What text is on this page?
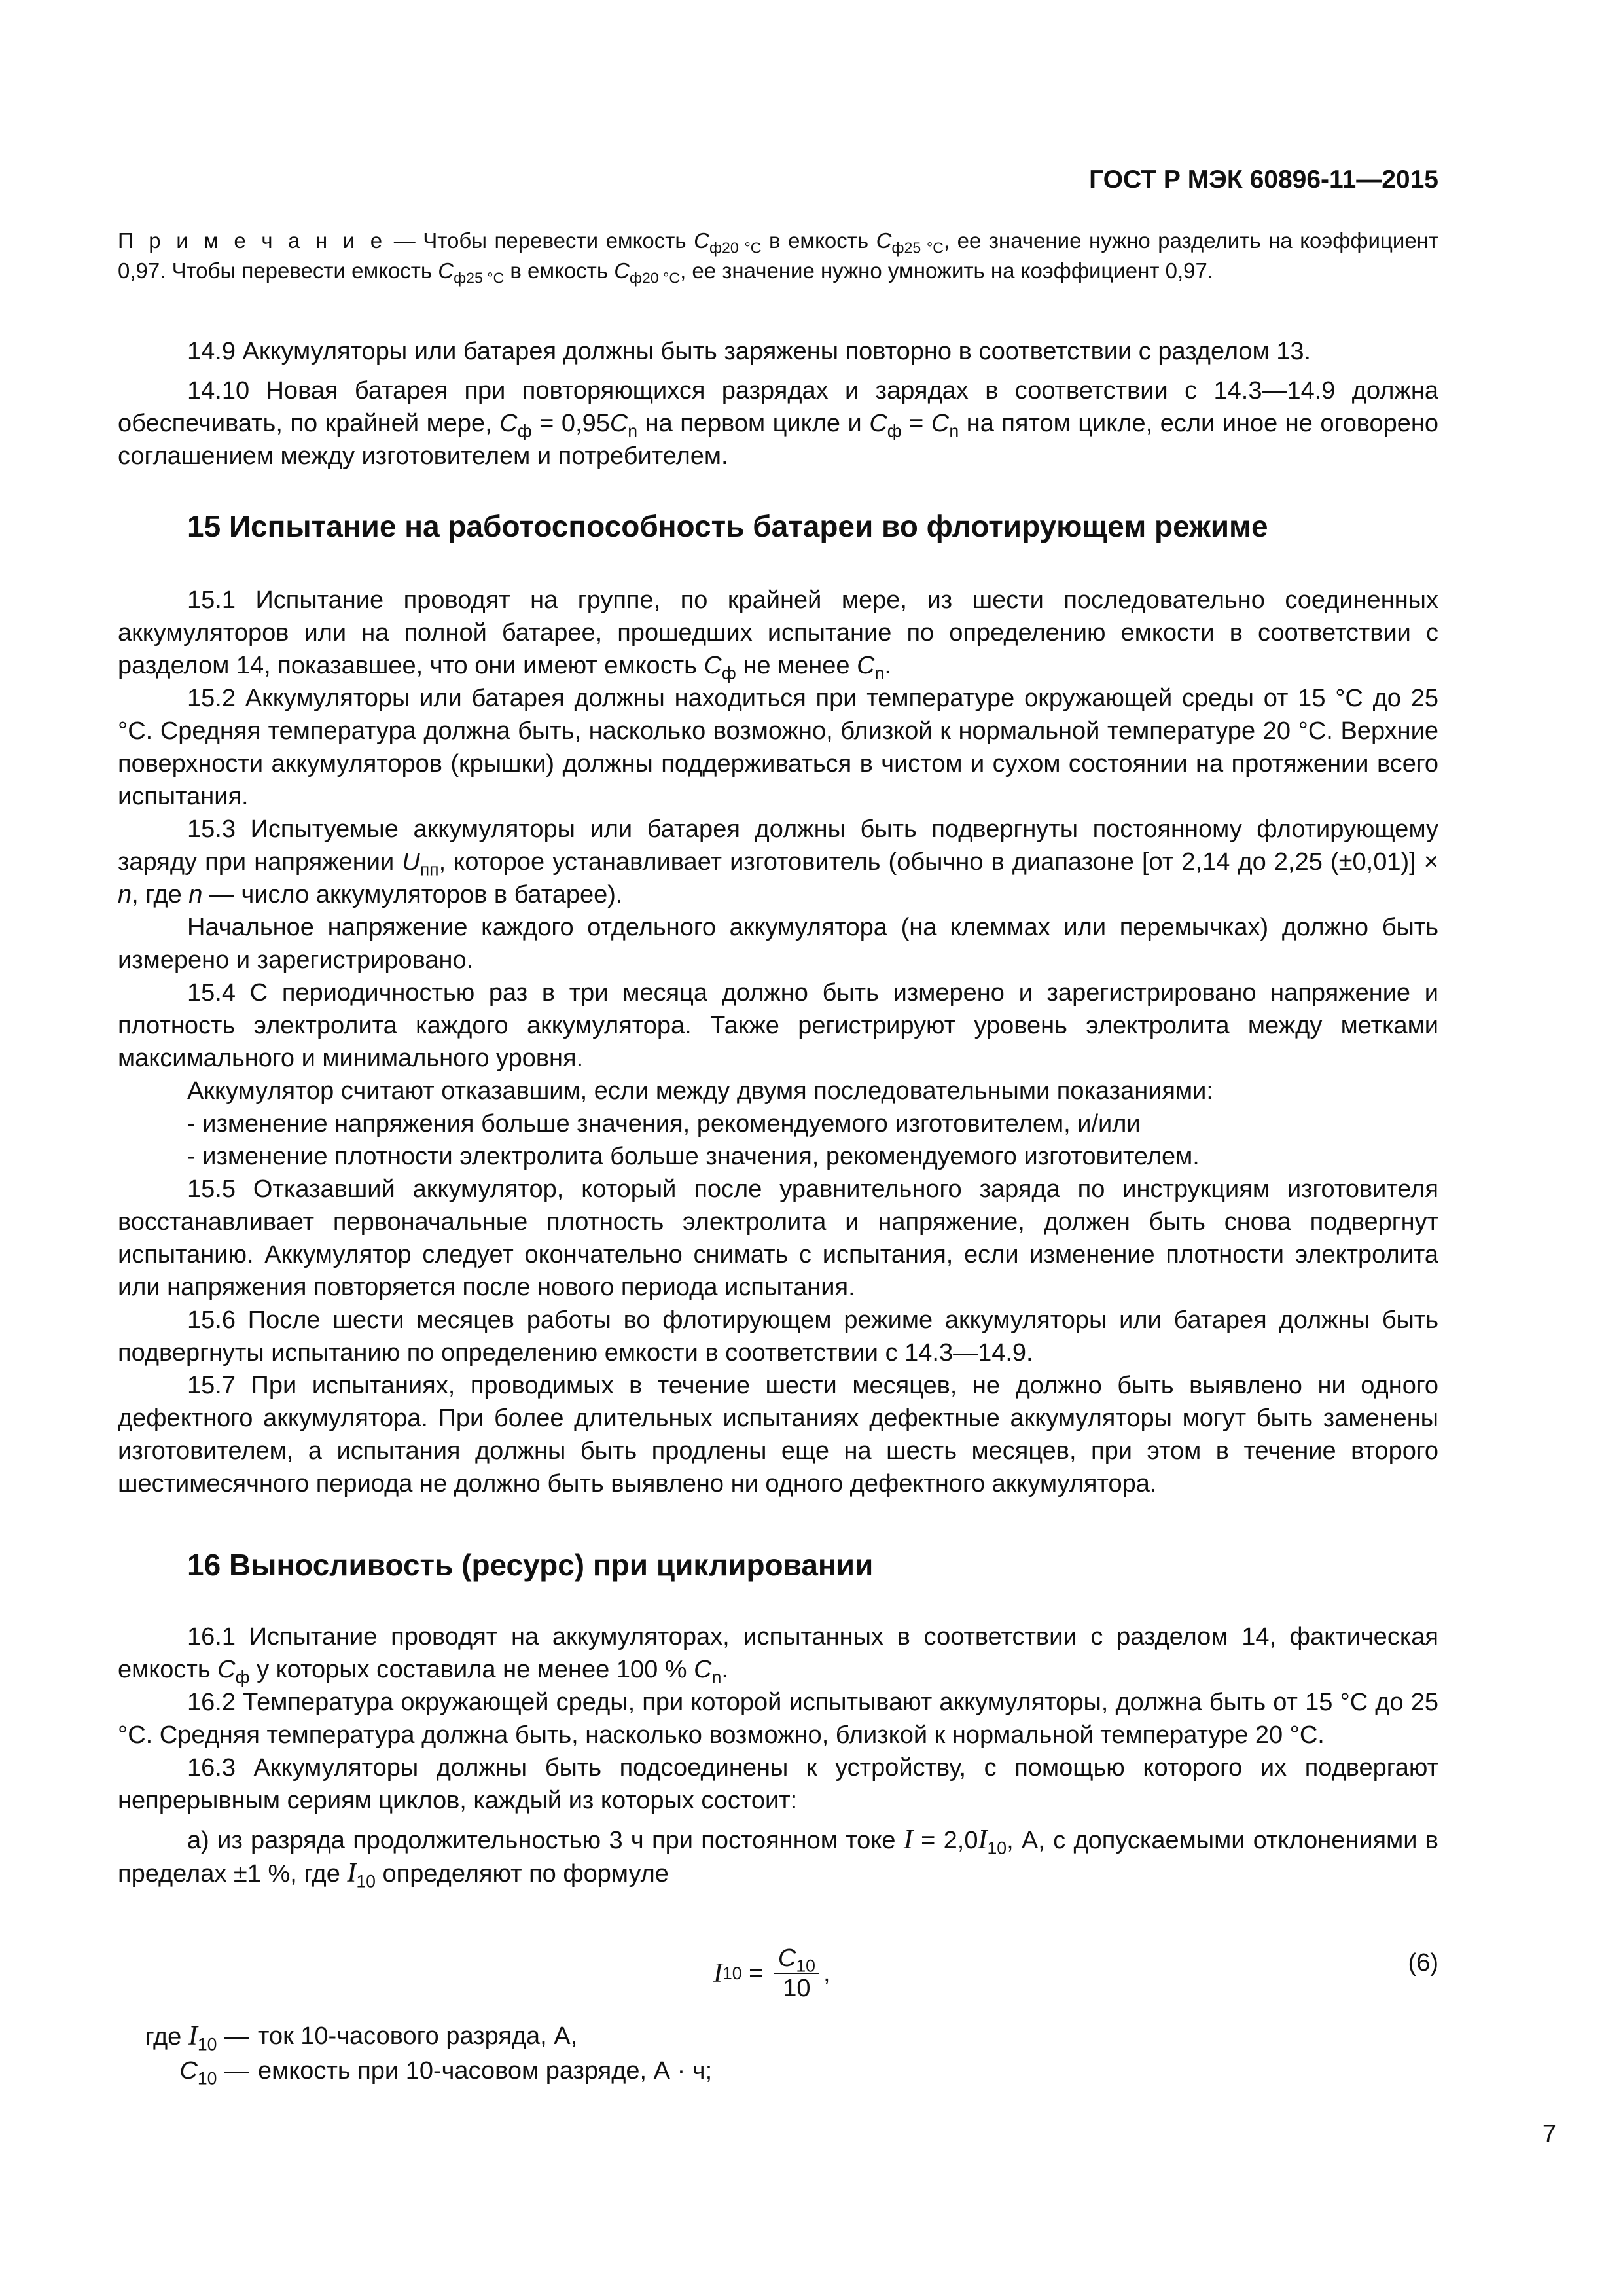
ГОСТ Р МЭК 60896-11—2015
П р и м е ч а н и е — Чтобы перевести емкость $C_{ф20 ^\circ C}$ в емкость $C_{ф25 ^\circ C}$, ее значение нужно разделить на коэффициент 0,97. Чтобы перевести емкость $C_{ф25 ^\circ C}$ в емкость $C_{ф20 ^\circ C}$, ее значение нужно умножить на коэффициент 0,97.

14.9 Аккумуляторы или батарея должны быть заряжены повторно в соответствии с разделом 13.

14.10 Новая батарея при повторяющихся разрядах и зарядах в соответствии с 14.3—14.9 должна обеспечивать, по крайней мере, $C_ф = 0,95C_n$ на первом цикле и $C_ф = C_n$ на пятом цикле, если иное не оговорено соглашением между изготовителем и потребителем.

15 Испытание на работоспособность батареи во флотирующем режиме

15.1 Испытание проводят на группе, по крайней мере, из шести последовательно соединенных аккумуляторов или на полной батарее, прошедших испытание по определению емкости в соответствии с разделом 14, показавшее, что они имеют емкость $C_ф$ не менее $C_n$.

15.2 Аккумуляторы или батарея должны находиться при температуре окружающей среды от 15 °С до 25 °С. Средняя температура должна быть, насколько возможно, близкой к нормальной температуре 20 °С. Верхние поверхности аккумуляторов (крышки) должны поддерживаться в чистом и сухом состоянии на протяжении всего испытания.

15.3 Испытуемые аккумуляторы или батарея должны быть подвергнуты постоянному флотирующему заряду при напряжении $U_{пп}$, которое устанавливает изготовитель (обычно в диапазоне [от 2,14 до 2,25 (±0,01)] × n, где n — число аккумуляторов в батарее).

Начальное напряжение каждого отдельного аккумулятора (на клеммах или перемычках) должно быть измерено и зарегистрировано.

15.4 С периодичностью раз в три месяца должно быть измерено и зарегистрировано напряжение и плотность электролита каждого аккумулятора. Также регистрируют уровень электролита между метками максимального и минимального уровня.

Аккумулятор считают отказавшим, если между двумя последовательными показаниями:

- изменение напряжения больше значения, рекомендуемого изготовителем, и/или

- изменение плотности электролита больше значения, рекомендуемого изготовителем.

15.5 Отказавший аккумулятор, который после уравнительного заряда по инструкциям изготовителя восстанавливает первоначальные плотность электролита и напряжение, должен быть снова подвергнут испытанию. Аккумулятор следует окончательно снимать с испытания, если изменение плотности электролита или напряжения повторяется после нового периода испытания.

15.6 После шести месяцев работы во флотирующем режиме аккумуляторы или батарея должны быть подвергнуты испытанию по определению емкости в соответствии с 14.3—14.9.

15.7 При испытаниях, проводимых в течение шести месяцев, не должно быть выявлено ни одного дефектного аккумулятора. При более длительных испытаниях дефектные аккумуляторы могут быть заменены изготовителем, а испытания должны быть продлены еще на шесть месяцев, при этом в течение второго шестимесячного периода не должно быть выявлено ни одного дефектного аккумулятора.

16 Выносливость (ресурс) при циклировании

16.1 Испытание проводят на аккумуляторах, испытанных в соответствии с разделом 14, фактическая емкость $C_ф$ у которых составила не менее 100 % $C_n$.

16.2 Температура окружающей среды, при которой испытывают аккумуляторы, должна быть от 15 °С до 25 °С. Средняя температура должна быть, насколько возможно, близкой к нормальной температуре 20 °С.

16.3 Аккумуляторы должны быть подсоединены к устройству, с помощью которого их подвергают непрерывным сериям циклов, каждый из которых состоит:

а) из разряда продолжительностью 3 ч при постоянном токе $I = 2,0I_{10}$, А, с допускаемыми отклонениями в пределах ±1 %, где $I_{10}$ определяют по формуле

I $10 = \frac{C_{10}}{10}$ ,	(6)
где $I_{10}$ — ток 10-часового разряда, А,
$C_{10}$ — емкость при 10-часовом разряде, А · ч;
7
